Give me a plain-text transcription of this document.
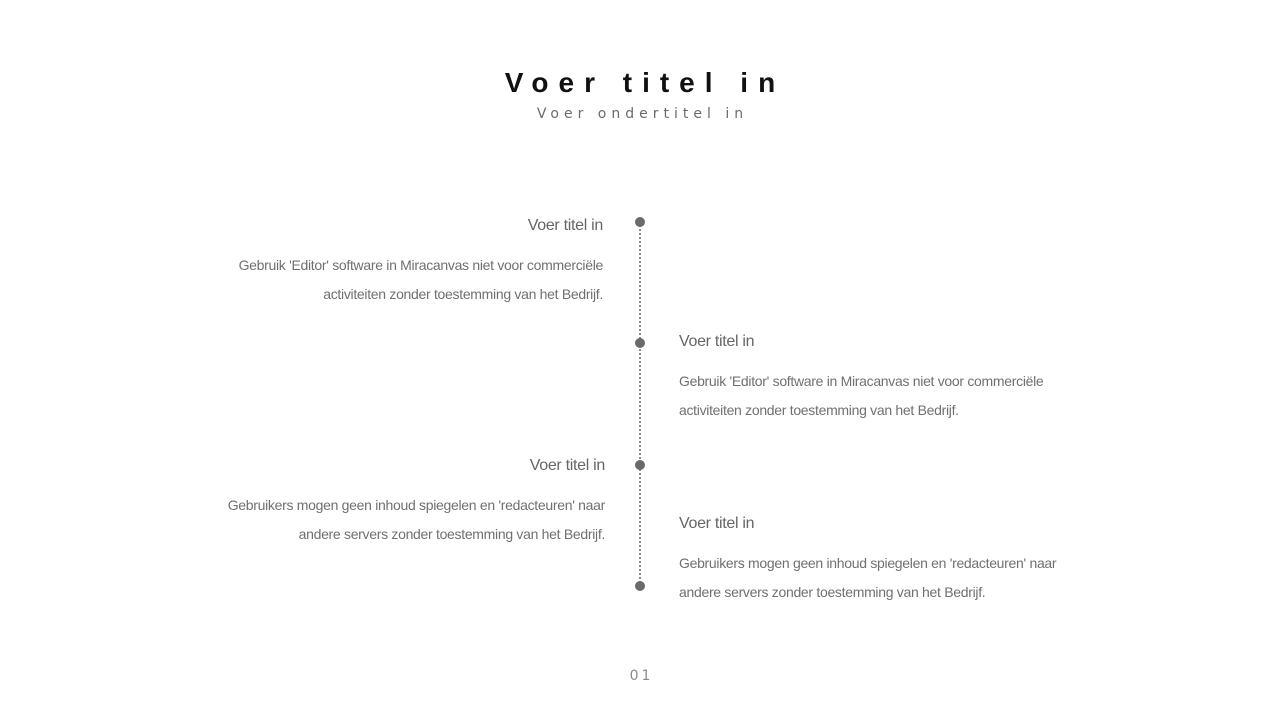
Voer titel in
Voer ondertitel in
Voer titel in
Gebruik 'Editor' software in Miracanvas niet voor commerciële activiteiten zonder toestemming van het Bedrijf.
Voer titel in
Gebruik 'Editor' software in Miracanvas niet voor commerciële activiteiten zonder toestemming van het Bedrijf.
Voer titel in
Gebruikers mogen geen inhoud spiegelen en 'redacteuren' naar andere servers zonder toestemming van het Bedrijf.
Voer titel in
Gebruikers mogen geen inhoud spiegelen en 'redacteuren' naar andere servers zonder toestemming van het Bedrijf.
01
